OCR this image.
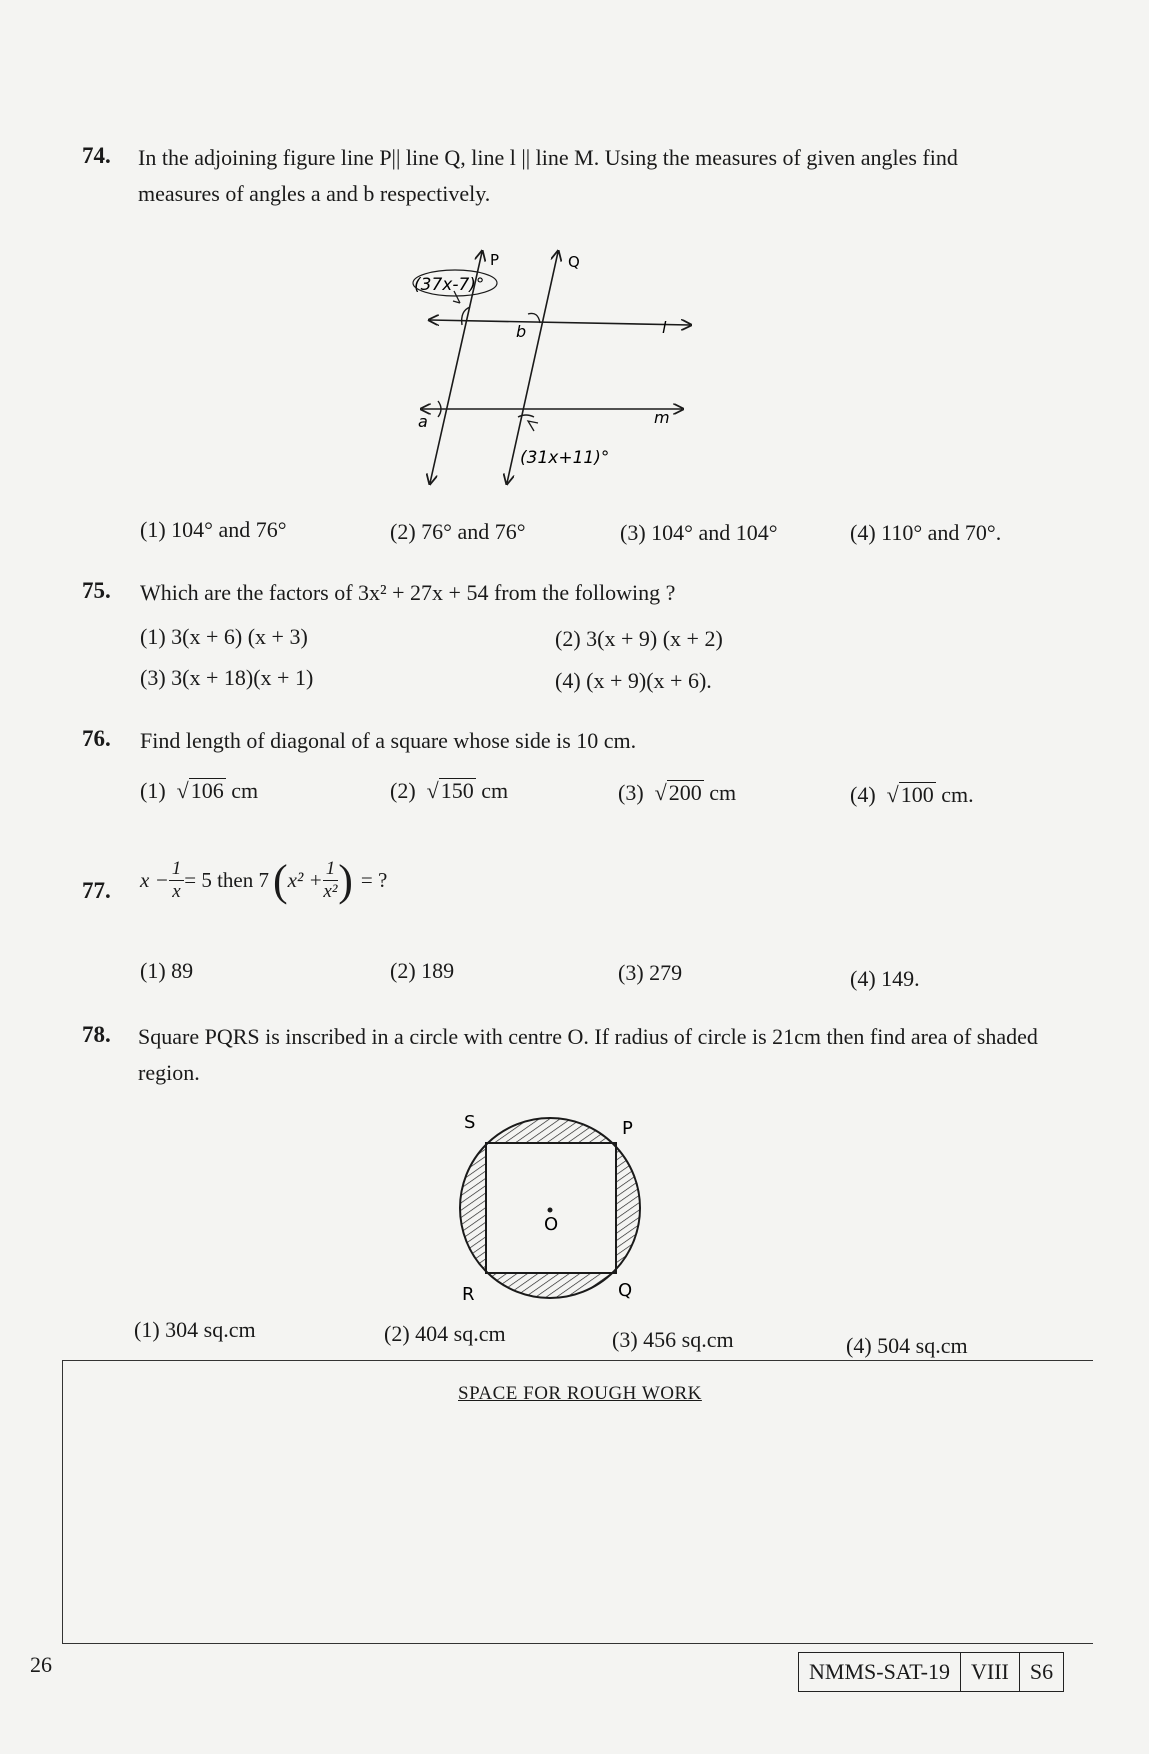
74. In the adjoining figure line P|| line Q, line l || line M. Using the measures of given angles find measures of angles a and b respectively.
(37x-7)°
(31x+11)°
P	Q
l
m
a
b
(1) 104° and 76°	(2) 76° and 76°	(3) 104° and 104°	(4) 110° and 70°.
75. Which are the factors of 3x² + 27x + 54 from the following ?
(1) 3(x + 6) (x + 3)	(2) 3(x + 9) (x + 2)
(3) 3(x + 18)(x + 1)	(4) (x + 9)(x + 6).
76. Find length of diagonal of a square whose side is 10 cm.
(1) √106 cm	(2) √150 cm	(3) √200 cm	(4) √100 cm.
77. $x - \frac{1}{x} = 5$ then 7 ( $x^2 + \frac{1}{\text{x²}}$ ) = ?
(1) 89	(2) 189	(3) 279	(4) 149.
78. Square PQRS is inscribed in a circle with centre O. If radius of circle is 21cm then find area of shaded region.
S	P
R	Q
O
(1) 304 sq.cm	(2) 404 sq.cm	(3) 456 sq.cm	(4) 504 sq.cm
SPACE FOR ROUGH WORK
26	NMMS-SAT-19 VIII S6
